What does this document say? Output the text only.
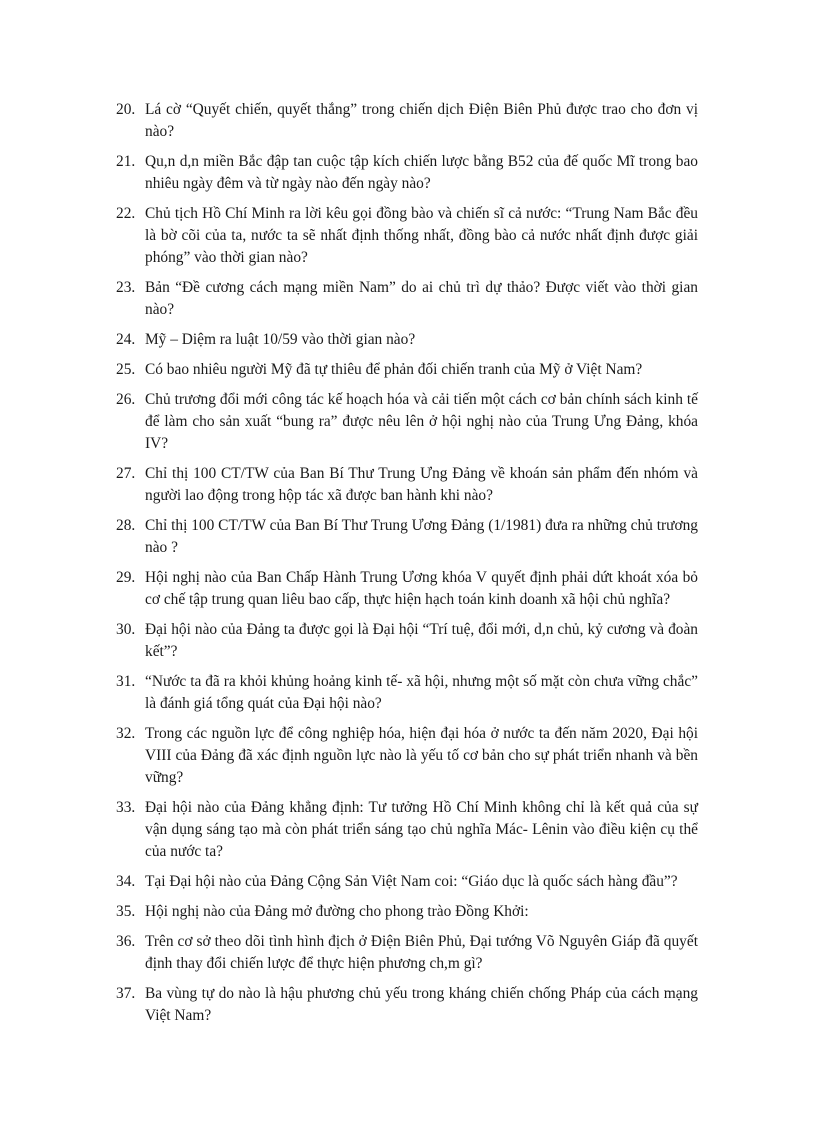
20. Lá cờ “Quyết chiến, quyết thắng” trong chiến dịch Điện Biên Phủ được trao cho đơn vị nào?
21. Qu,n d,n miền Bắc đập tan cuộc tập kích chiến lược bằng B52 của đế quốc Mĩ trong bao nhiêu ngày đêm và từ ngày nào đến ngày nào?
22. Chủ tịch Hồ Chí Minh ra lời kêu gọi đồng bào và chiến sĩ cả nước: “Trung Nam Bắc đều là bờ cõi của ta, nước ta sẽ nhất định thống nhất, đồng bào cả nước nhất định được giải phóng” vào thời gian nào?
23. Bản “Đề cương cách mạng miền Nam” do ai chủ trì dự thảo? Được viết vào thời gian nào?
24. Mỹ – Diệm ra luật 10/59 vào thời gian nào?
25. Có bao nhiêu người Mỹ đã tự thiêu để phản đối chiến tranh của Mỹ ở Việt Nam?
26. Chủ trương đổi mới công tác kế hoạch hóa và cải tiến một cách cơ bản chính sách kinh tế để làm cho sản xuất “bung ra” được nêu lên ở hội nghị nào của Trung Ưng Đảng, khóa IV?
27. Chỉ thị 100 CT/TW của Ban Bí Thư Trung Ưng Đảng về khoán sản phẩm đến nhóm và người lao động trong hộp tác xã được ban hành khi nào?
28. Chỉ thị 100 CT/TW của Ban Bí Thư Trung Ương Đảng (1/1981) đưa ra những chủ trương nào ?
29. Hội nghị nào của Ban Chấp Hành Trung Ương khóa V quyết định phải dứt khoát xóa bỏ cơ chế tập trung quan liêu bao cấp, thực hiện hạch toán kinh doanh xã hội chủ nghĩa?
30. Đại hội nào của Đảng ta được gọi là Đại hội “Trí tuệ, đổi mới, d,n chủ, kỷ cương và đoàn kết”?
31. “Nước ta đã ra khỏi khủng hoảng kinh tế- xã hội, nhưng một số mặt còn chưa vững chắc” là đánh giá tổng quát của Đại hội nào?
32. Trong các nguồn lực để công nghiệp hóa, hiện đại hóa ở nước ta đến năm 2020, Đại hội VIII của Đảng đã xác định nguồn lực nào là yếu tố cơ bản cho sự phát triển nhanh và bền vững?
33. Đại hội nào của Đảng khẳng định: Tư tưởng Hồ Chí Minh không chỉ là kết quả của sự vận dụng sáng tạo mà còn phát triển sáng tạo chủ nghĩa Mác- Lênin vào điều kiện cụ thể của nước ta?
34. Tại Đại hội nào của Đảng Cộng Sản Việt Nam coi: “Giáo dục là quốc sách hàng đầu”?
35. Hội nghị nào của Đảng mở đường cho phong trào Đồng Khởi:
36. Trên cơ sở theo dõi tình hình địch ở Điện Biên Phủ, Đại tướng Võ Nguyên Giáp đã quyết định thay đổi chiến lược để thực hiện phương ch,m gì?
37. Ba vùng tự do nào là hậu phương chủ yếu trong kháng chiến chống Pháp của cách mạng Việt Nam?
